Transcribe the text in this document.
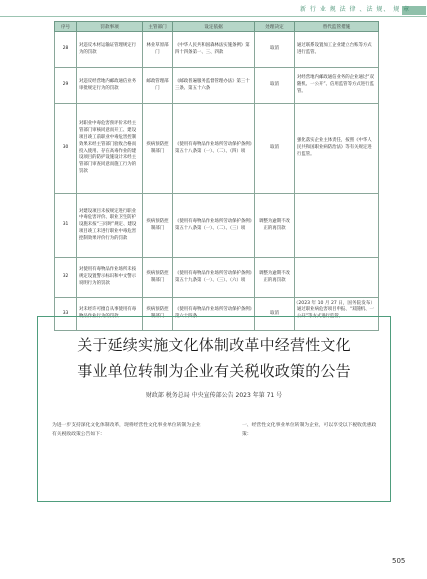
新 行 业 规 法 律 、法 规、 规 章
序号	罚款事项	主管部门	设定依据	处理决定	替代监管措施
28	对违反木材运输证管理规定行为的罚款	林业草原部门	《中华人民共和国森林法实施条例》第四十四条第一、三、四款	取消	通过联系设置加工企业建立台账等方式进行监管。
29	对违反经营地内邮政通信业务审批规定行为的罚款	邮政管理部门	《邮政普遍服务监督管理办法》第三十三条、第五十六条	取消	对经营地内邮政通信业务的企业通过“双随机、一公开”、信用监管等方式进行监管。
30	对职业中毒危害预评价未经主管部门审核同意而开工、建设项目竣工前职业中毒危害控制效果未经主管部门验收合格而投入使用、存在高毒作业的建设项目的防护设施设计未经主管部门审查同意而施工行为的罚款	疾病预防控制部门	《使用有毒物品作业场所劳动保护条例》第五十八条第（一）、（二）、（四）项	取消	强化落实企业主体责任，按照《中华人民共和国职业病防治法》等有关规定进行监管。
31	对建设项目未按规定进行职业中毒危害评价、职业卫生防护设施未按“三同时”规定、建设项目竣工未进行职业中毒危害控制效果评价行为的罚款	疾病预防控制部门	《使用有毒物品作业场所劳动保护条例》第五十八条第（一）、（二）、（三）项	调整为逾期不改正的再罚款	
32	对使用有毒物品作业场所未按规定设置警示标识和中文警示说明行为的罚款	疾病预防控制部门	《使用有毒物品作业场所劳动保护条例》第五十九条第（一）、（三）、（六）项	调整为逾期不改正的再罚款	
33	对未经许可擅自从事使用有毒物品作业行为的罚款	疾病预防控制部门	《使用有毒物品作业场所劳动保护条例》第六十四条	取消	通过职业病危害项目申报、“双随机、一公开”等方式进行监管。
（2023 年 10 月 27 日，国务院发布）
关于延续实施文化体制改革中经营性文化
事业单位转制为企业有关税收政策的公告
财政部 税务总局 中央宣传部公告 2023 年第 71 号
为进一步支持深化文化体制改革，现将经营性文化事业单位转制为企业有关税收政策公告如下：
一、经营性文化事业单位转制为企业，可以享受以下税收优惠政策：
505
